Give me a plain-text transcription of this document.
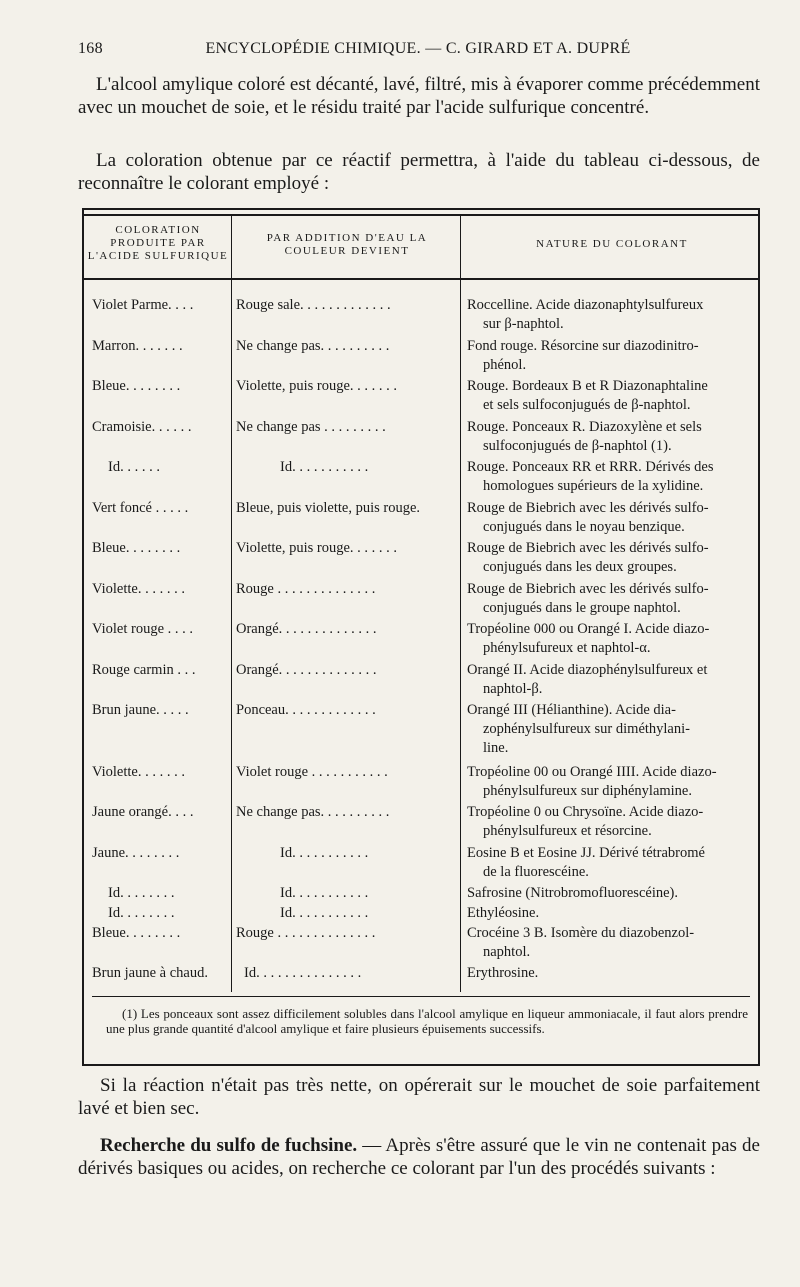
168	ENCYCLOPÉDIE CHIMIQUE. — C. GIRARD ET A. DUPRÉ
L'alcool amylique coloré est décanté, lavé, filtré, mis à évaporer comme précédemment avec un mouchet de soie, et le résidu traité par l'acide sulfurique concentré.
La coloration obtenue par ce réactif permettra, à l'aide du tableau ci-dessous, de reconnaître le colorant employé :
COLORATION PRODUITE PAR L'ACIDE SULFURIQUE
PAR ADDITION D'EAU LA COULEUR DEVIENT
NATURE DU COLORANT
Violet Parme. . . .	Rouge sale. . . . . . . . . . . . .	Roccelline. Acide diazonaphtylsulfureux
sur β-naphtol.
Marron. . . . . . .	Ne change pas. . . . . . . . . .	Fond rouge. Résorcine sur diazodinitro-
phénol.
Bleue. . . . . . . .	Violette, puis rouge. . . . . . .	Rouge. Bordeaux B et R Diazonaphtaline
et sels sulfoconjugués de β-naphtol.
Cramoisie. . . . . .	Ne change pas . . . . . . . . .	Rouge. Ponceaux R. Diazoxylène et sels
sulfoconjugués de β-naphtol (1).
Id. . . . . .	Id. . . . . . . . . . .	Rouge. Ponceaux RR et RRR. Dérivés des
homologues supérieurs de la xylidine.
Vert foncé . . . . .	Bleue, puis violette, puis rouge.	Rouge de Biebrich avec les dérivés sulfo-
conjugués dans le noyau benzique.
Bleue. . . . . . . .	Violette, puis rouge. . . . . . .	Rouge de Biebrich avec les dérivés sulfo-
conjugués dans les deux groupes.
Violette. . . . . . .	Rouge . . . . . . . . . . . . . .	Rouge de Biebrich avec les dérivés sulfo-
conjugués dans le groupe naphtol.
Violet rouge . . . .	Orangé. . . . . . . . . . . . . .	Tropéoline 000 ou Orangé I. Acide diazo-
phénylsufureux et naphtol-α.
Rouge carmin . . .	Orangé. . . . . . . . . . . . . .	Orangé II. Acide diazophénylsulfureux et
naphtol-β.
Brun jaune. . . . .	Ponceau. . . . . . . . . . . . .	Orangé III (Hélianthine). Acide dia-
zophénylsulfureux sur diméthylani-
line.
Violette. . . . . . .	Violet rouge . . . . . . . . . . .	Tropéoline 00 ou Orangé IIII. Acide diazo-
phénylsulfureux sur diphénylamine.
Jaune orangé. . . .	Ne change pas. . . . . . . . . .	Tropéoline 0 ou Chrysoïne. Acide diazo-
phénylsulfureux et résorcine.
Jaune. . . . . . . .	Id. . . . . . . . . . .	Eosine B et Eosine JJ. Dérivé tétrabromé
de la fluorescéine.
Id. . . . . . . .	Id. . . . . . . . . . .	Safrosine (Nitrobromofluorescéine).
Id. . . . . . . .	Id. . . . . . . . . . .	Ethyléosine.
Bleue. . . . . . . .	Rouge . . . . . . . . . . . . . .	Crocéine 3 B. Isomère du diazobenzol-
naphtol.
Brun jaune à chaud.	Id. . . . . . . . . . . . . . .	Erythrosine.
(1) Les ponceaux sont assez difficilement solubles dans l'alcool amylique en liqueur ammoniacale, il faut alors prendre une plus grande quantité d'alcool amylique et faire plusieurs épuisements successifs.
Si la réaction n'était pas très nette, on opérerait sur le mouchet de soie parfaitement lavé et bien sec.
Recherche du sulfo de fuchsine. — Après s'être assuré que le vin ne contenait pas de dérivés basiques ou acides, on recherche ce colorant par l'un des procédés suivants :
